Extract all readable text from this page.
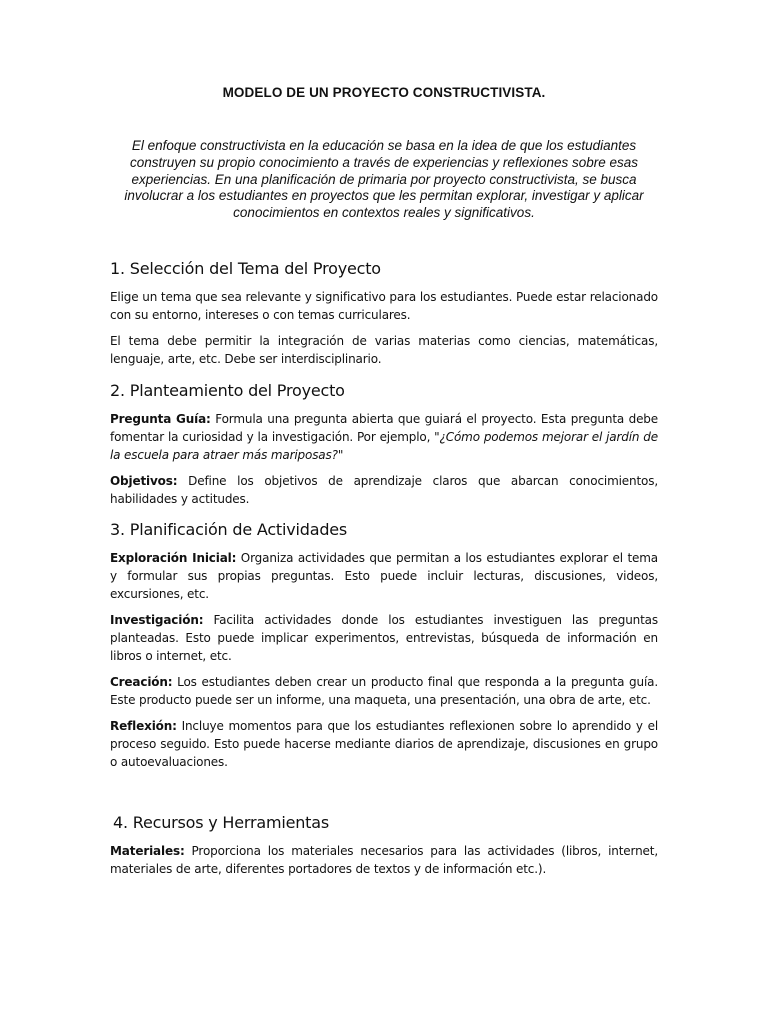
MODELO DE UN PROYECTO CONSTRUCTIVISTA.

El enfoque constructivista en la educación se basa en la idea de que los estudiantes construyen su propio conocimiento a través de experiencias y reflexiones sobre esas experiencias. En una planificación de primaria por proyecto constructivista, se busca involucrar a los estudiantes en proyectos que les permitan explorar, investigar y aplicar conocimientos en contextos reales y significativos.

1. Selección del Tema del Proyecto

Elige un tema que sea relevante y significativo para los estudiantes. Puede estar relacionado con su entorno, intereses o con temas curriculares.

El tema debe permitir la integración de varias materias como ciencias, matemáticas, lenguaje, arte, etc. Debe ser interdisciplinario.

2. Planteamiento del Proyecto

Pregunta Guía: Formula una pregunta abierta que guiará el proyecto. Esta pregunta debe fomentar la curiosidad y la investigación. Por ejemplo, "¿Cómo podemos mejorar el jardín de la escuela para atraer más mariposas?"

Objetivos: Define los objetivos de aprendizaje claros que abarcan conocimientos, habilidades y actitudes.

3. Planificación de Actividades

Exploración Inicial: Organiza actividades que permitan a los estudiantes explorar el tema y formular sus propias preguntas. Esto puede incluir lecturas, discusiones, videos, excursiones, etc.

Investigación: Facilita actividades donde los estudiantes investiguen las preguntas planteadas. Esto puede implicar experimentos, entrevistas, búsqueda de información en libros o internet, etc.

Creación: Los estudiantes deben crear un producto final que responda a la pregunta guía. Este producto puede ser un informe, una maqueta, una presentación, una obra de arte, etc.

Reflexión: Incluye momentos para que los estudiantes reflexionen sobre lo aprendido y el proceso seguido. Esto puede hacerse mediante diarios de aprendizaje, discusiones en grupo o autoevaluaciones.

4. Recursos y Herramientas

Materiales: Proporciona los materiales necesarios para las actividades (libros, internet, materiales de arte, diferentes portadores de textos y de información etc.).
